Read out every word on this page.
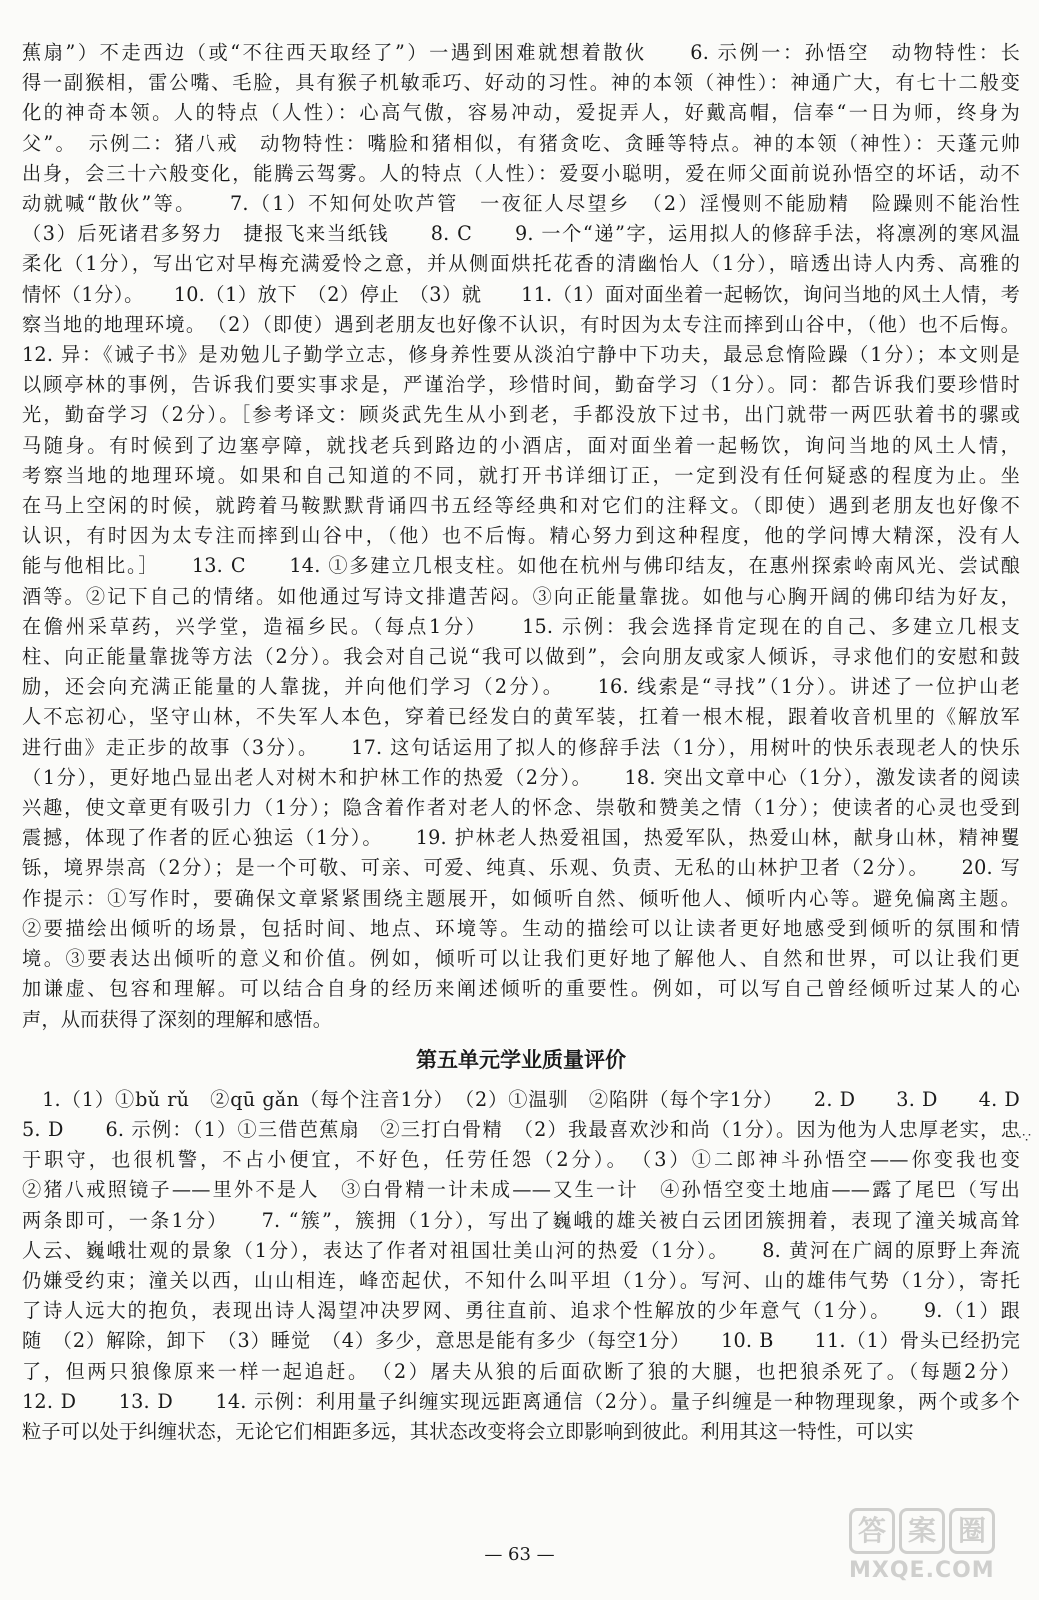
蕉扇”）不走西边（或“不往西天取经了”）一遇到困难就想着散伙　　6. 示例一：孙悟空　动物特性：长

得一副猴相，雷公嘴、毛脸，具有猴子机敏乖巧、好动的习性。神的本领（神性）：神通广大，有七十二般变

化的神奇本领。人的特点（人性）：心高气傲，容易冲动，爱捉弄人，好戴高帽，信奉“一日为师，终身为

父”。　示例二：猪八戒　动物特性：嘴脸和猪相似，有猪贪吃、贪睡等特点。神的本领（神性）：天蓬元帅

出身，会三十六般变化，能腾云驾雾。人的特点（人性）：爱耍小聪明，爱在师父面前说孙悟空的坏话，动不

动就喊“散伙”等。　　7.（1）不知何处吹芦管　一夜征人尽望乡　（2）淫慢则不能励精　险躁则不能治性

（3）后死诸君多努力　捷报飞来当纸钱　　8. C　　9. 一个“递”字，运用拟人的修辞手法，将凛冽的寒风温

柔化（1分），写出它对早梅充满爱怜之意，并从侧面烘托花香的清幽怡人（1分），暗透出诗人内秀、高雅的

情怀（1分）。　　10.（1）放下　（2）停止　（3）就　　11.（1）面对面坐着一起畅饮，询问当地的风土人情，考

察当地的地理环境。　（2）（即使）遇到老朋友也好像不认识，有时因为太专注而摔到山谷中，（他）也不后悔。

12. 异：《诫子书》是劝勉儿子勤学立志，修身养性要从淡泊宁静中下功夫，最忌怠惰险躁（1分）；本文则是

以顾亭林的事例，告诉我们要实事求是，严谨治学，珍惜时间，勤奋学习（1分）。同：都告诉我们要珍惜时

光，勤奋学习（2分）。［参考译文：顾炎武先生从小到老，手都没放下过书，出门就带一两匹驮着书的骡或

马随身。有时候到了边塞亭障，就找老兵到路边的小酒店，面对面坐着一起畅饮，询问当地的风土人情，

考察当地的地理环境。如果和自己知道的不同，就打开书详细订正，一定到没有任何疑惑的程度为止。坐

在马上空闲的时候，就跨着马鞍默默背诵四书五经等经典和对它们的注释文。（即使）遇到老朋友也好像不

认识，有时因为太专注而摔到山谷中，（他）也不后悔。精心努力到这种程度，他的学问博大精深，没有人

能与他相比。］　　13. C　　14. ①多建立几根支柱。如他在杭州与佛印结友，在惠州探索岭南风光、尝试酿

酒等。②记下自己的情绪。如他通过写诗文排遣苦闷。③向正能量靠拢。如他与心胸开阔的佛印结为好友，

在儋州采草药，兴学堂，造福乡民。（每点1分）　　15. 示例：我会选择肯定现在的自己、多建立几根支

柱、向正能量靠拢等方法（2分）。我会对自己说“我可以做到”，会向朋友或家人倾诉，寻求他们的安慰和鼓

励，还会向充满正能量的人靠拢，并向他们学习（2分）。　　16. 线索是“寻找”（1分）。讲述了一位护山老

人不忘初心，坚守山林，不失军人本色，穿着已经发白的黄军装，扛着一根木棍，跟着收音机里的《解放军

进行曲》走正步的故事（3分）。　　17. 这句话运用了拟人的修辞手法（1分），用树叶的快乐表现老人的快乐

（1分），更好地凸显出老人对树木和护林工作的热爱（2分）。　　18. 突出文章中心（1分），激发读者的阅读

兴趣，使文章更有吸引力（1分）；隐含着作者对老人的怀念、崇敬和赞美之情（1分）；使读者的心灵也受到

震撼，体现了作者的匠心独运（1分）。　　19. 护林老人热爱祖国，热爱军队，热爱山林，献身山林，精神矍

铄，境界崇高（2分）；是一个可敬、可亲、可爱、纯真、乐观、负责、无私的山林护卫者（2分）。　　20. 写

作提示：①写作时，要确保文章紧紧围绕主题展开，如倾听自然、倾听他人、倾听内心等。避免偏离主题。

②要描绘出倾听的场景，包括时间、地点、环境等。生动的描绘可以让读者更好地感受到倾听的氛围和情

境。③要表达出倾听的意义和价值。例如，倾听可以让我们更好地了解他人、自然和世界，可以让我们更

加谦虚、包容和理解。可以结合自身的经历来阐述倾听的重要性。例如，可以写自己曾经倾听过某人的心

声，从而获得了深刻的理解和感悟。

第五单元学业质量评价

　1.（1）①bǔ rǔ　②qū gǎn（每个注音1分）　（2）①温驯　②陷阱（每个字1分）　　2. D　　3. D　　4. D

5. D　　6. 示例：（1）①三借芭蕉扇　②三打白骨精　（2）我最喜欢沙和尚（1分）。因为他为人忠厚老实，忠

于职守，也很机警，不占小便宜，不好色，任劳任怨（2分）。　（3）①二郎神斗孙悟空——你变我也变

②猪八戒照镜子——里外不是人　③白骨精一计未成——又生一计　④孙悟空变土地庙——露了尾巴（写出

两条即可，一条1分）　　7. “簇”，簇拥（1分），写出了巍峨的雄关被白云团团簇拥着，表现了潼关城高耸

人云、巍峨壮观的景象（1分），表达了作者对祖国壮美山河的热爱（1分）。　　8. 黄河在广阔的原野上奔流

仍嫌受约束；潼关以西，山山相连，峰峦起伏，不知什么叫平坦（1分）。写河、山的雄伟气势（1分），寄托

了诗人远大的抱负，表现出诗人渴望冲决罗网、勇往直前、追求个性解放的少年意气（1分）。　　9.（1）跟

随　（2）解除，卸下　（3）睡觉　（4）多少，意思是能有多少（每空1分）　　10. B　　11.（1）骨头已经扔完

了，但两只狼像原来一样一起追赶。　（2）屠夫从狼的后面砍断了狼的大腿，也把狼杀死了。（每题2分）

12. D　　13. D　　14. 示例：利用量子纠缠实现远距离通信（2分）。量子纠缠是一种物理现象，两个或多个

粒子可以处于纠缠状态，无论它们相距多远，其状态改变将会立即影响到彼此。利用其这一特性，可以实

·∵
— 63 —
答 案 圈
MXQE.COM
